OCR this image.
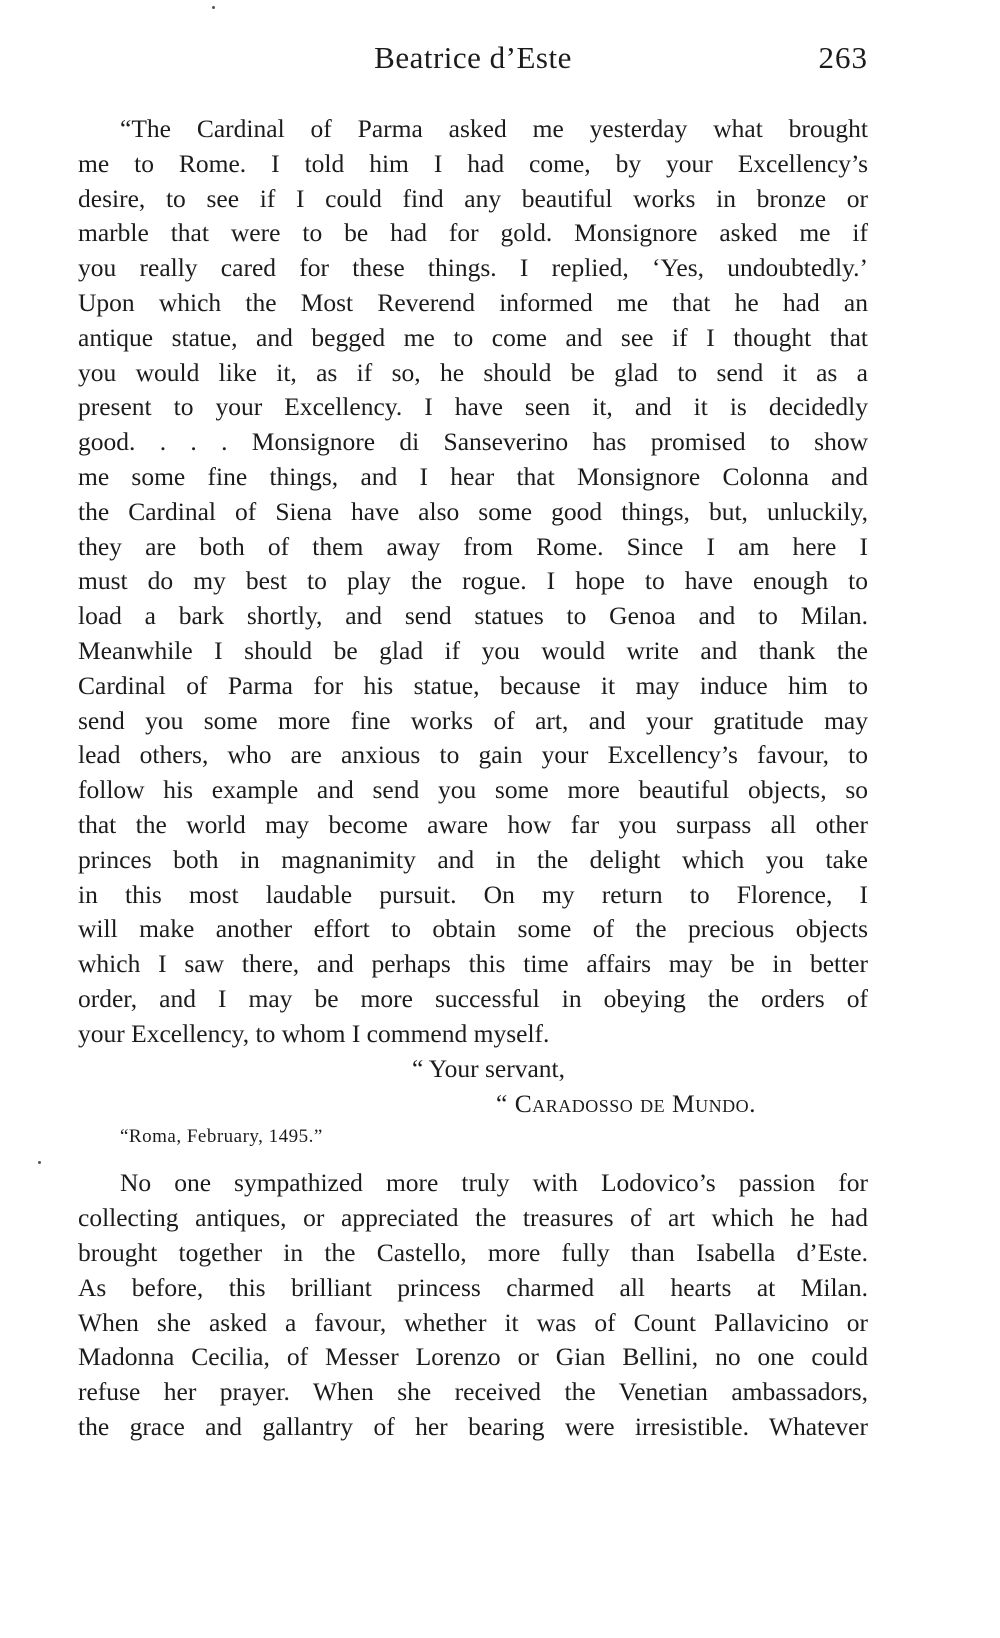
Beatrice d’Este	263
“The Cardinal of Parma asked me yesterday what brought
me to Rome. I told him I had come, by your Excellency’s
desire, to see if I could find any beautiful works in bronze or
marble that were to be had for gold. Monsignore asked me if
you really cared for these things. I replied, ‘Yes, undoubtedly.’
Upon which the Most Reverend informed me that he had an
antique statue, and begged me to come and see if I thought that
you would like it, as if so, he should be glad to send it as a
present to your Excellency. I have seen it, and it is decidedly
good. . . . Monsignore di Sanseverino has promised to show
me some fine things, and I hear that Monsignore Colonna and
the Cardinal of Siena have also some good things, but, unluckily,
they are both of them away from Rome. Since I am here I
must do my best to play the rogue. I hope to have enough to
load a bark shortly, and send statues to Genoa and to Milan.
Meanwhile I should be glad if you would write and thank the
Cardinal of Parma for his statue, because it may induce him to
send you some more fine works of art, and your gratitude may
lead others, who are anxious to gain your Excellency’s favour, to
follow his example and send you some more beautiful objects, so
that the world may become aware how far you surpass all other
princes both in magnanimity and in the delight which you take
in this most laudable pursuit. On my return to Florence, I
will make another effort to obtain some of the precious objects
which I saw there, and perhaps this time affairs may be in better
order, and I may be more successful in obeying the orders of
your Excellency, to whom I commend myself.
“ Your servant,
“ Caradosso de Mundo.
“Roma, February, 1495.”
No one sympathized more truly with Lodovico’s passion for
collecting antiques, or appreciated the treasures of art which he had
brought together in the Castello, more fully than Isabella d’Este.
As before, this brilliant princess charmed all hearts at Milan.
When she asked a favour, whether it was of Count Pallavicino or
Madonna Cecilia, of Messer Lorenzo or Gian Bellini, no one could
refuse her prayer. When she received the Venetian ambassadors,
the grace and gallantry of her bearing were irresistible. Whatever
